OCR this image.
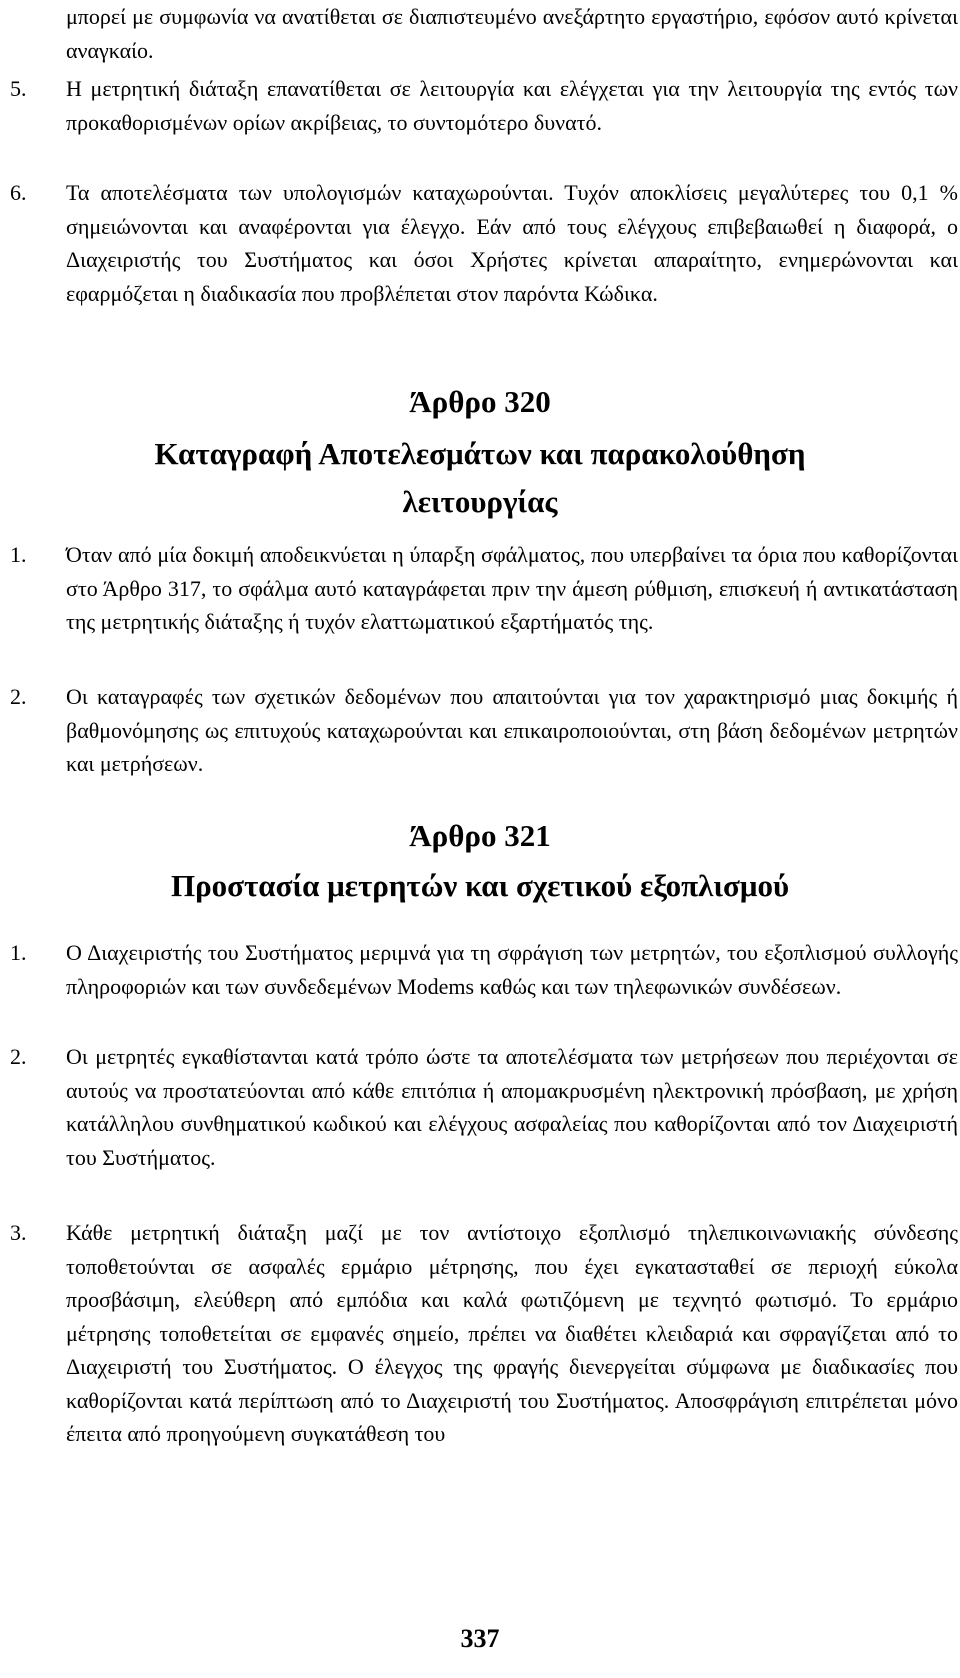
μπορεί με συμφωνία να ανατίθεται σε διαπιστευμένο ανεξάρτητο εργαστήριο, εφόσον αυτό κρίνεται αναγκαίο.

5.	Η μετρητική διάταξη επανατίθεται σε λειτουργία και ελέγχεται για την λειτουργία της εντός των προκαθορισμένων ορίων ακρίβειας, το συντομότερο δυνατό.
6.	Τα αποτελέσματα των υπολογισμών καταχωρούνται. Τυχόν αποκλίσεις μεγαλύτερες του 0,1 % σημειώνονται και αναφέρονται για έλεγχο. Εάν από τους ελέγχους επιβεβαιωθεί η διαφορά, ο Διαχειριστής του Συστήματος και όσοι Χρήστες κρίνεται απαραίτητο, ενημερώνονται και εφαρμόζεται η διαδικασία που προβλέπεται στον παρόντα Κώδικα.

Άρθρο 320

Καταγραφή Αποτελεσμάτων και παρακολούθηση λειτουργίας

1.	Όταν από μία δοκιμή αποδεικνύεται η ύπαρξη σφάλματος, που υπερβαίνει τα όρια που καθορίζονται στο Άρθρο 317, το σφάλμα αυτό καταγράφεται πριν την άμεση ρύθμιση, επισκευή ή αντικατάσταση της μετρητικής διάταξης ή τυχόν ελαττωματικού εξαρτήματός της.
2.	Οι καταγραφές των σχετικών δεδομένων που απαιτούνται για τον χαρακτηρισμό μιας δοκιμής ή βαθμονόμησης ως επιτυχούς καταχωρούνται και επικαιροποιούνται, στη βάση δεδομένων μετρητών και μετρήσεων.

Άρθρο 321

Προστασία μετρητών και σχετικού εξοπλισμού

1.	Ο Διαχειριστής του Συστήματος μεριμνά για τη σφράγιση των μετρητών, του εξοπλισμού συλλογής πληροφοριών και των συνδεδεμένων Modems καθώς και των τηλεφωνικών συνδέσεων.
2.	Οι μετρητές εγκαθίστανται κατά τρόπο ώστε τα αποτελέσματα των μετρήσεων που περιέχονται σε αυτούς να προστατεύονται από κάθε επιτόπια ή απομακρυσμένη ηλεκτρονική πρόσβαση, με χρήση κατάλληλου συνθηματικού κωδικού και ελέγχους ασφαλείας που καθορίζονται από τον Διαχειριστή του Συστήματος.
3.	Κάθε μετρητική διάταξη μαζί με τον αντίστοιχο εξοπλισμό τηλεπικοινωνιακής σύνδεσης τοποθετούνται σε ασφαλές ερμάριο μέτρησης, που έχει εγκατασταθεί σε περιοχή εύκολα προσβάσιμη, ελεύθερη από εμπόδια και καλά φωτιζόμενη με τεχνητό φωτισμό. Το ερμάριο μέτρησης τοποθετείται σε εμφανές σημείο, πρέπει να διαθέτει κλειδαριά και σφραγίζεται από το Διαχειριστή του Συστήματος. Ο έλεγχος της φραγής διενεργείται σύμφωνα με διαδικασίες που καθορίζονται κατά περίπτωση από το Διαχειριστή του Συστήματος. Αποσφράγιση επιτρέπεται μόνο έπειτα από προηγούμενη συγκατάθεση του

337
